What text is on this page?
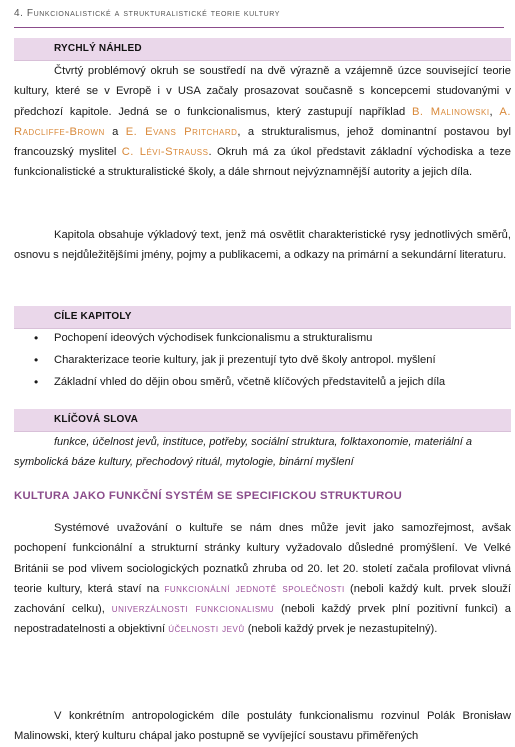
4. Funkcionalistické a strukturalistické teorie kultury
RYCHLÝ NÁHLED

Čtvrtý problémový okruh se soustředí na dvě výrazně a vzájemně úzce související teorie kultury, které se v Evropě i v USA začaly prosazovat současně s koncepcemi studovanými v předchozí kapitole. Jedná se o funkcionalismus, který zastupují například B. Malinowski, A. Radcliffe-Brown a E. Evans Pritchard, a strukturalismus, jehož dominantní postavou byl francouzský myslitel C. Lévi-Strauss. Okruh má za úkol představit základní východiska a teze funkcionalistické a strukturalistické školy, a dále shrnout nejvýznamnější autority a jejich díla.

Kapitola obsahuje výkladový text, jenž má osvětlit charakteristické rysy jednotlivých směrů, osnovu s nejdůležitějšími jmény, pojmy a publikacemi, a odkazy na primární a sekundární literaturu.

CÍLE KAPITOLY
• Pochopení ideových východisek funkcionalismu a strukturalismu
• Charakterizace teorie kultury, jak ji prezentují tyto dvě školy antropol. myšlení
• Základní vhled do dějin obou směrů, včetně klíčových představitelů a jejich díla
KLÍČOVÁ SLOVA
funkce, účelnost jevů, instituce, potřeby, sociální struktura, folktaxonomie, materiální a
symbolická báze kultury, přechodový rituál, mytologie, binární myšlení
KULTURA JAKO FUNKČNÍ SYSTÉM SE SPECIFICKOU STRUKTUROU

Systémové uvažování o kultuře se nám dnes může jevit jako samozřejmost, avšak pochopení funkcionální a strukturní stránky kultury vyžadovalo důsledné promýšlení. Ve Velké Británii se pod vlivem sociologických poznatků zhruba od 20. let 20. století začala profilovat vlivná teorie kultury, která staví na funkcionální jednotě společnosti (neboli každý kult. prvek slouží zachování celku), univerzálnosti funkcionalismu (neboli každý prvek plní pozitivní funkci) a nepostradatelnosti a objektivní účelnosti jevů (neboli každý prvek je nezastupitelný).

V konkrétním antropologickém díle postuláty funkcionalismu rozvinul Polák Bronisław Malinowski, který kulturu chápal jako postupně se vyvíjející soustavu přiměřených
